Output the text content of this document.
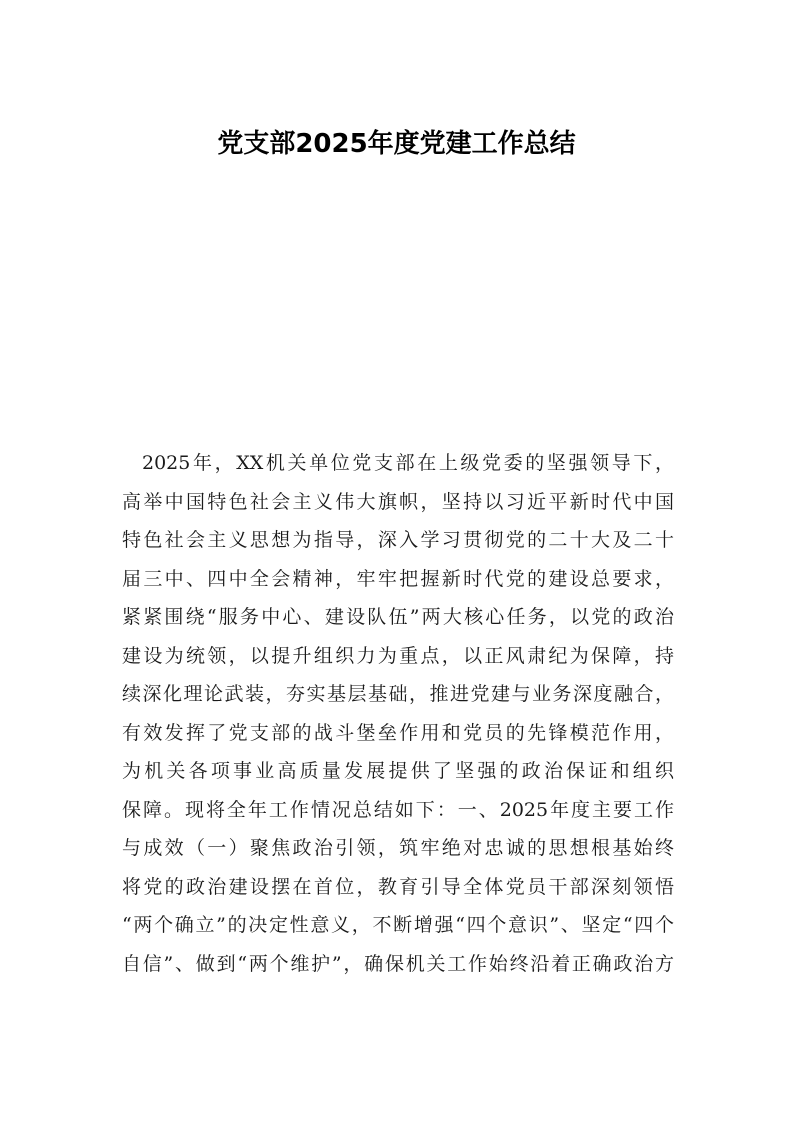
党支部2025年度党建工作总结
2025年，XX机关单位党支部在上级党委的坚强领导下，
高举中国特色社会主义伟大旗帜，坚持以习近平新时代中国
特色社会主义思想为指导，深入学习贯彻党的二十大及二十
届三中、四中全会精神，牢牢把握新时代党的建设总要求，
紧紧围绕“服务中心、建设队伍”两大核心任务，以党的政治
建设为统领，以提升组织力为重点，以正风肃纪为保障，持
续深化理论武装，夯实基层基础，推进党建与业务深度融合，
有效发挥了党支部的战斗堡垒作用和党员的先锋模范作用，
为机关各项事业高质量发展提供了坚强的政治保证和组织
保障。现将全年工作情况总结如下：一、2025年度主要工作
与成效（一）聚焦政治引领，筑牢绝对忠诚的思想根基始终
将党的政治建设摆在首位，教育引导全体党员干部深刻领悟
“两个确立”的决定性意义，不断增强“四个意识”、坚定“四个
自信”、做到“两个维护”，确保机关工作始终沿着正确政治方
